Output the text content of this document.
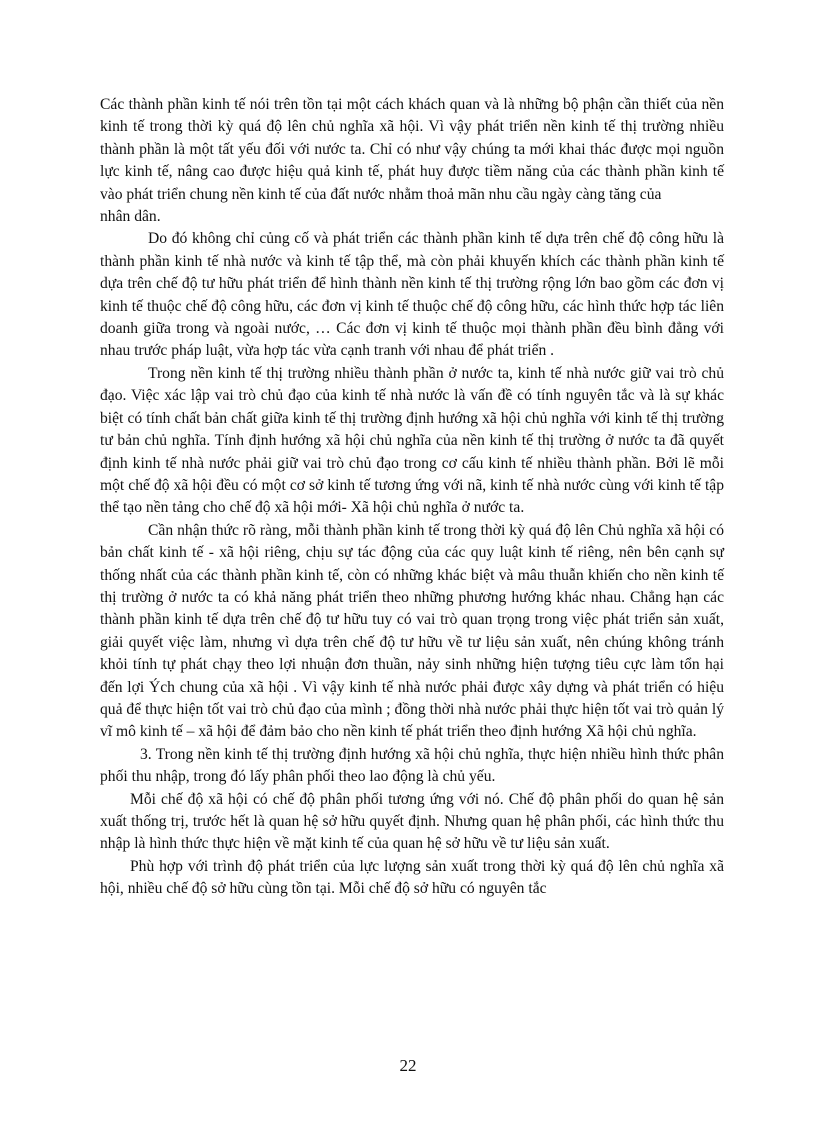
Các thành phần kinh tế nói trên tồn tại một cách khách quan và là những bộ phận cần thiết của nền kinh tế trong thời kỳ quá độ lên chủ nghĩa xã hội. Vì vậy phát triển nền kinh tế thị trường nhiều thành phần là một tất yếu đối với nước ta. Chỉ có như vậy chúng ta mới khai thác được mọi nguồn lực kinh tế, nâng cao được hiệu quả kinh tế, phát huy được tiềm năng của các thành phần kinh tế vào phát triển chung nền kinh tế của đất nước nhằm thoả mãn nhu cầu ngày càng tăng của

nhân dân.

Do đó không chỉ củng cố và phát triển các thành phần kinh tế dựa trên chế độ công hữu là thành phần kinh tế nhà nước và kinh tế tập thể, mà còn phải khuyến khích các thành phần kinh tế dựa trên chế độ tư hữu phát triển để hình thành nền kinh tế thị trường rộng lớn bao gồm các đơn vị kinh tế thuộc chế độ công hữu, các đơn vị kinh tế thuộc chế độ công hữu, các hình thức hợp tác liên doanh giữa trong và ngoài nước, … Các đơn vị kinh tế thuộc mọi thành phần đều bình đẳng với nhau trước pháp luật, vừa hợp tác vừa cạnh tranh với nhau để phát triển .

Trong nền kinh tế thị trường nhiều thành phần ở nước ta, kinh tế nhà nước giữ vai trò chủ đạo. Việc xác lập vai trò chủ đạo của kinh tế nhà nước là vấn đề có tính nguyên tắc và là sự khác biệt có tính chất bản chất giữa kinh tế thị trường định hướng xã hội chủ nghĩa với kinh tế thị trường tư bản chủ nghĩa. Tính định hướng xã hội chủ nghĩa của nền kinh tế thị trường ở nước ta đã quyết định kinh tế nhà nước phải giữ vai trò chủ đạo trong cơ cấu kinh tế nhiều thành phần. Bởi lẽ mỗi một chế độ xã hội đều có một cơ sở kinh tế tương ứng với nã, kinh tế nhà nước cùng với kinh tế tập thể tạo nền tảng cho chế độ xã hội mới- Xã hội chủ nghĩa ở nước ta.

Cần nhận thức rõ ràng, mỗi thành phần kinh tế trong thời kỳ quá độ lên Chủ nghĩa xã hội có bản chất kinh tế - xã hội riêng, chịu sự tác động của các quy luật kinh tế riêng, nên bên cạnh sự thống nhất của các thành phần kinh tế, còn có những khác biệt và mâu thuẫn khiến cho nền kinh tế thị trường ở nước ta có khả năng phát triển theo những phương hướng khác nhau. Chẳng hạn các thành phần kinh tế dựa trên chế độ tư hữu tuy có vai trò quan trọng trong việc phát triển sản xuất, giải quyết việc làm, nhưng vì dựa trên chế độ tư hữu về tư liệu sản xuất, nên chúng không tránh khỏi tính tự phát chạy theo lợi nhuận đơn thuần, nảy sinh những hiện tượng tiêu cực làm tổn hại đến lợi Ých chung của xã hội . Vì vậy kinh tế nhà nước phải được xây dựng và phát triển có hiệu quả để thực hiện tốt vai trò chủ đạo của mình ; đồng thời nhà nước phải thực hiện tốt vai trò quản lý vĩ mô kinh tế – xã hội để đảm bảo cho nền kinh tế phát triển theo định hướng Xã hội chủ nghĩa.

3. Trong nền kinh tế thị trường định hướng xã hội chủ nghĩa, thực hiện nhiều hình thức phân phối thu nhập, trong đó lấy phân phối theo lao động là chủ yếu.

Mỗi chế độ xã hội có chế độ phân phối tương ứng với nó. Chế độ phân phối do quan hệ sản xuất thống trị, trước hết là quan hệ sở hữu quyết định. Nhưng quan hệ phân phối, các hình thức thu nhập là hình thức thực hiện về mặt kinh tế của quan hệ sở hữu về tư liệu sản xuất.

Phù hợp với trình độ phát triển của lực lượng sản xuất trong thời kỳ quá độ lên chủ nghĩa xã hội, nhiều chế độ sở hữu cùng tồn tại. Mỗi chế độ sở hữu có nguyên tắc

22
